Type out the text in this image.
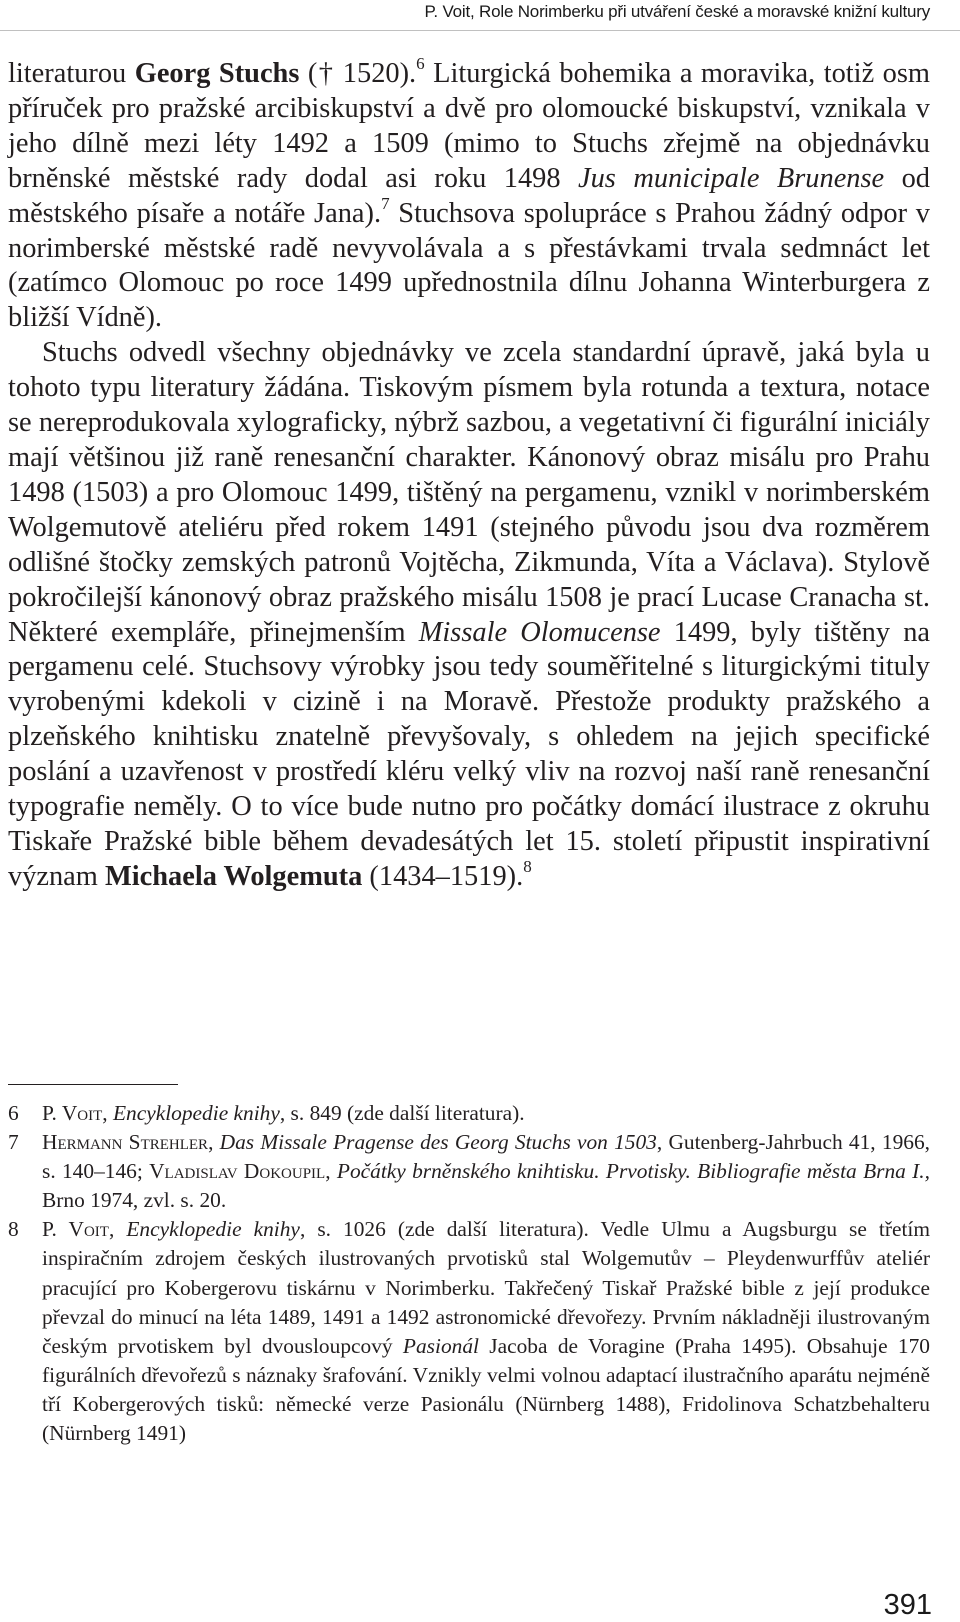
P. Voit, Role Norimberku při utváření české a moravské knižní kultury

literaturou Georg Stuchs († 1520).$^6$ Liturgická bohemika a moravika, totiž osm příruček pro pražské arcibiskupství a dvě pro olomoucké biskupství, vznikala v jeho dílně mezi léty 1492 a 1509 (mimo to Stuchs zřejmě na objednávku brněnské městské rady dodal asi roku 1498 Jus municipale Brunense od městského písaře a notáře Jana).$^7$ Stuchsova spolupráce s Prahou žádný odpor v norimberské městské radě nevyvolávala a s přestávkami trvala sedmnáct let (zatímco Olomouc po roce 1499 upřednostnila dílnu Johanna Winterburgera z bližší Vídně).

Stuchs odvedl všechny objednávky ve zcela standardní úpravě, jaká byla u tohoto typu literatury žádána. Tiskovým písmem byla rotunda a textura, notace se nereprodukovala xylograficky, nýbrž sazbou, a vegetativní či figurální iniciály mají většinou již raně renesanční charakter. Kánonový obraz misálu pro Prahu 1498 (1503) a pro Olomouc 1499, tištěný na pergamenu, vznikl v norimberském Wolgemutově ateliéru před rokem 1491 (stejného původu jsou dva rozměrem odlišné štočky zemských patronů Vojtěcha, Zikmunda, Víta a Václava). Stylově pokročilejší kánonový obraz pražského misálu 1508 je prací Lucase Cranacha st. Některé exempláře, přinejmenším Missale Olomucense 1499, byly tištěny na pergamenu celé. Stuchsovy výrobky jsou tedy souměřitelné s liturgickými tituly vyrobenými kdekoli v cizině i na Moravě. Přestože produkty pražského a plzeňského knihtisku znatelně převyšovaly, s ohledem na jejich specifické poslání a uzavřenost v prostředí kléru velký vliv na rozvoj naší raně renesanční typografie neměly. O to více bude nutno pro počátky domácí ilustrace z okruhu Tiskaře Pražské bible během devadesátých let 15. století připustit inspirativní význam Michaela Wolgemuta (1434–1519).$^8$

6	P. Voit, Encyklopedie knihy, s. 849 (zde další literatura).
7	Hermann Strehler, Das Missale Pragense des Georg Stuchs von 1503, Gutenberg-Jahrbuch 41, 1966, s. 140–146; Vladislav Dokoupil, Počátky brněnského knihtisku. Prvotisky. Bibliografie města Brna I., Brno 1974, zvl. s. 20.
8	P. Voit, Encyklopedie knihy, s. 1026 (zde další literatura). Vedle Ulmu a Augsburgu se třetím inspiračním zdrojem českých ilustrovaných prvotisků stal Wolgemutův – Pleydenwurffův ateliér pracující pro Kobergerovu tiskárnu v Norimberku. Takřečený Tiskař Pražské bible z její produkce převzal do minucí na léta 1489, 1491 a 1492 astronomické dřevořezy. Prvním nákladněji ilustrovaným českým prvotiskem byl dvousloupcový Pasionál Jacoba de Voragine (Praha 1495). Obsahuje 170 figurálních dřevořezů s náznaky šrafování. Vznikly velmi volnou adaptací ilustračního aparátu nejméně tří Kobergerových tisků: německé verze Pasionálu (Nürnberg 1488), Fridolinova Schatzbehalteru (Nürnberg 1491)
391
